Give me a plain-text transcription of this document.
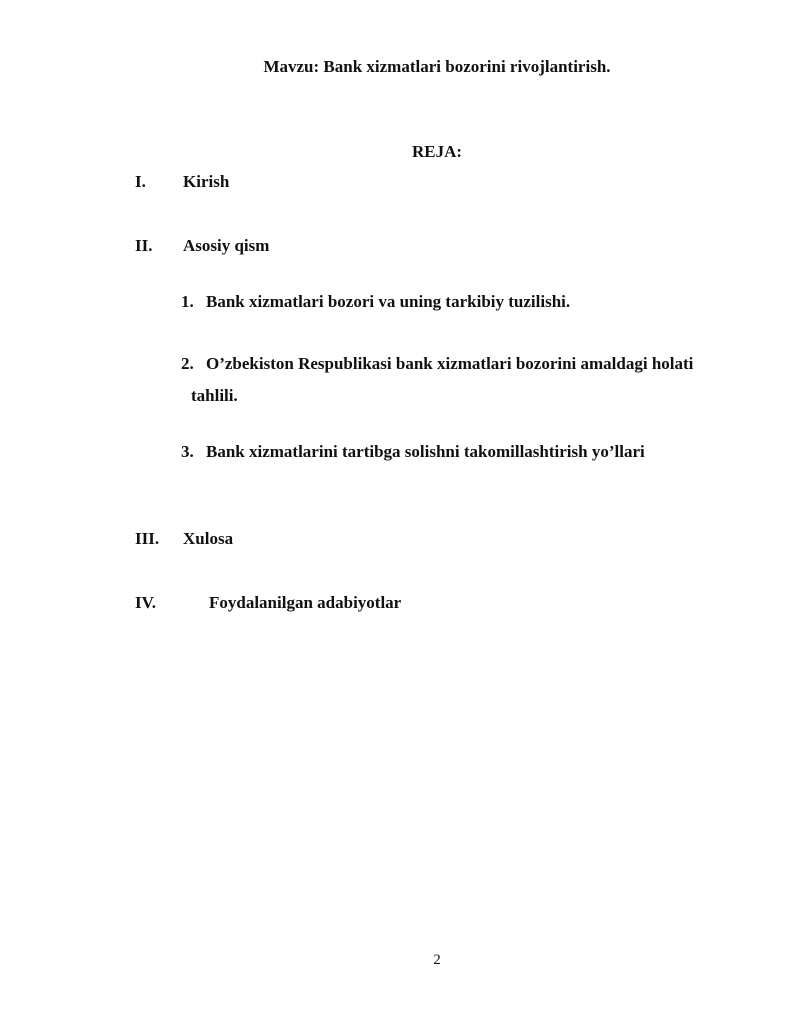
Mavzu: Bank xizmatlari bozorini rivojlantirish.
REJA:
I. Kirish
II. Asosiy qism
1. Bank xizmatlari bozori va uning tarkibiy tuzilishi.
2. O’zbekiston Respublikasi bank xizmatlari bozorini amaldagi holati
tahlili.
3. Bank xizmatlarini tartibga solishni takomillashtirish yo’llari
III. Xulosa
IV.	Foydalanilgan adabiyotlar
2
